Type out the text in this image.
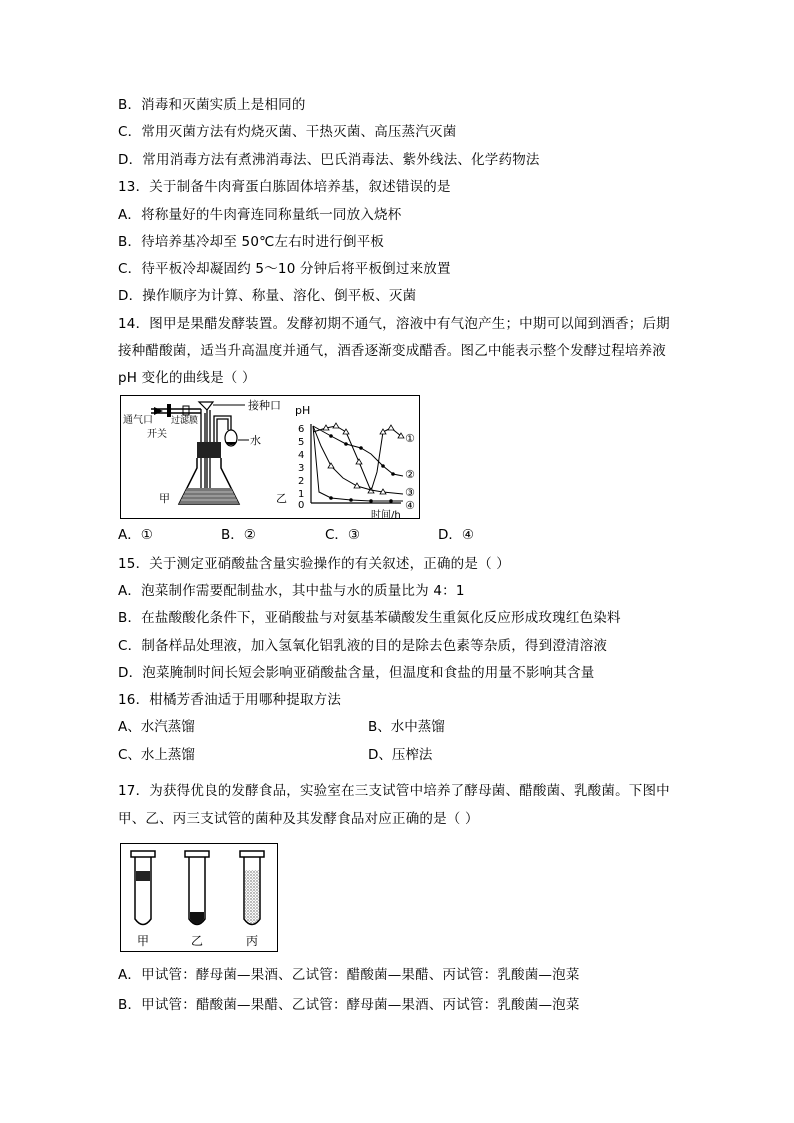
B．消毒和灭菌实质上是相同的
C．常用灭菌方法有灼烧灭菌、干热灭菌、高压蒸汽灭菌
D．常用消毒方法有煮沸消毒法、巴氏消毒法、紫外线法、化学药物法
13．关于制备牛肉膏蛋白胨固体培养基，叙述错误的是
A．将称量好的牛肉膏连同称量纸一同放入烧杯
B．待培养基冷却至 50℃左右时进行倒平板
C．待平板冷却凝固约 5～10 分钟后将平板倒过来放置
D．操作顺序为计算、称量、溶化、倒平板、灭菌
14．图甲是果醋发酵装置。发酵初期不通气，溶液中有气泡产生；中期可以闻到酒香；后期
接种醋酸菌，适当升高温度并通气，酒香逐渐变成醋香。图乙中能表示整个发酵过程培养液
pH 变化的曲线是（ ）
通气口 过滤膜
开关
接种口
水
甲
pH
6
5
4
3
2
1
0
乙
时间/h
①
②
③
④
A．①	B．②	C．③	D．④
15．关于测定亚硝酸盐含量实验操作的有关叙述，正确的是（ ）
A．泡菜制作需要配制盐水，其中盐与水的质量比为 4：1
B．在盐酸酸化条件下，亚硝酸盐与对氨基苯磺酸发生重氮化反应形成玫瑰红色染料
C．制备样品处理液，加入氢氧化铝乳液的目的是除去色素等杂质，得到澄清溶液
D．泡菜腌制时间长短会影响亚硝酸盐含量，但温度和食盐的用量不影响其含量
16．柑橘芳香油适于用哪种提取方法
A、水汽蒸馏	B、水中蒸馏
C、水上蒸馏	D、压榨法
17．为获得优良的发酵食品，实验室在三支试管中培养了酵母菌、醋酸菌、乳酸菌。下图中
甲、乙、丙三支试管的菌种及其发酵食品对应正确的是（ ）
甲	乙	丙
A．甲试管：酵母菌—果酒、乙试管：醋酸菌—果醋、丙试管：乳酸菌—泡菜
B．甲试管：醋酸菌—果醋、乙试管：酵母菌—果酒、丙试管：乳酸菌—泡菜
